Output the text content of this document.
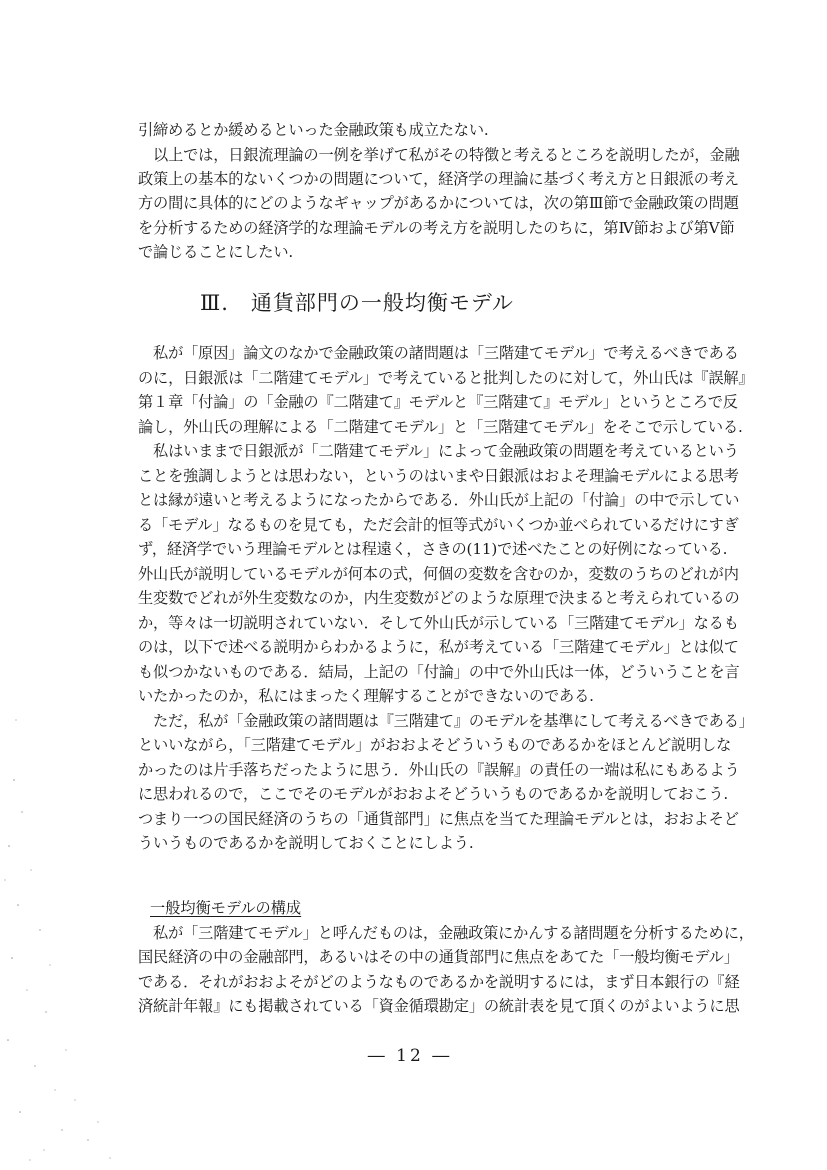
引締めるとか緩めるといった金融政策も成立たない.
　以上では，日銀流理論の一例を挙げて私がその特徴と考えるところを説明したが，金融
政策上の基本的ないくつかの問題について，経済学の理論に基づく考え方と日銀派の考え
方の間に具体的にどのようなギャップがあるかについては，次の第Ⅲ節で金融政策の問題
を分析するための経済学的な理論モデルの考え方を説明したのちに，第Ⅳ節および第Ⅴ節
で論じることにしたい.
Ⅲ.　通貨部門の一般均衡モデル
　私が「原因」論文のなかで金融政策の諸問題は「三階建てモデル」で考えるべきである
のに，日銀派は「二階建てモデル」で考えていると批判したのに対して，外山氏は『誤解』
第１章「付論」の「金融の『二階建て』モデルと『三階建て』モデル」というところで反
論し，外山氏の理解による「二階建てモデル」と「三階建てモデル」をそこで示している.
　私はいままで日銀派が「二階建てモデル」によって金融政策の問題を考えているという
ことを強調しようとは思わない，というのはいまや日銀派はおよそ理論モデルによる思考
とは縁が遠いと考えるようになったからである．外山氏が上記の「付論」の中で示してい
る「モデル」なるものを見ても，ただ会計的恒等式がいくつか並べられているだけにすぎ
ず，経済学でいう理論モデルとは程遠く，さきの(11)で述べたことの好例になっている.
外山氏が説明しているモデルが何本の式，何個の変数を含むのか，変数のうちのどれが内
生変数でどれが外生変数なのか，内生変数がどのような原理で決まると考えられているの
か，等々は一切説明されていない．そして外山氏が示している「三階建てモデル」なるも
のは，以下で述べる説明からわかるように，私が考えている「三階建てモデル」とは似て
も似つかないものである．結局，上記の「付論」の中で外山氏は一体，どういうことを言
いたかったのか，私にはまったく理解することができないのである.
　ただ，私が「金融政策の諸問題は『三階建て』のモデルを基準にして考えるべきである」
といいながら，「三階建てモデル」がおおよそどういうものであるかをほとんど説明しな
かったのは片手落ちだったように思う．外山氏の『誤解』の責任の一端は私にもあるよう
に思われるので，ここでそのモデルがおおよそどういうものであるかを説明しておこう.
つまり一つの国民経済のうちの「通貨部門」に焦点を当てた理論モデルとは，おおよそど
ういうものであるかを説明しておくことにしよう.
一般均衡モデルの構成
　私が「三階建てモデル」と呼んだものは，金融政策にかんする諸問題を分析するために，
国民経済の中の金融部門，あるいはその中の通貨部門に焦点をあてた「一般均衡モデル」
である．それがおおよそがどのようなものであるかを説明するには，まず日本銀行の『経
済統計年報』にも掲載されている「資金循環勘定」の統計表を見て頂くのがよいように思
― 12 ―
